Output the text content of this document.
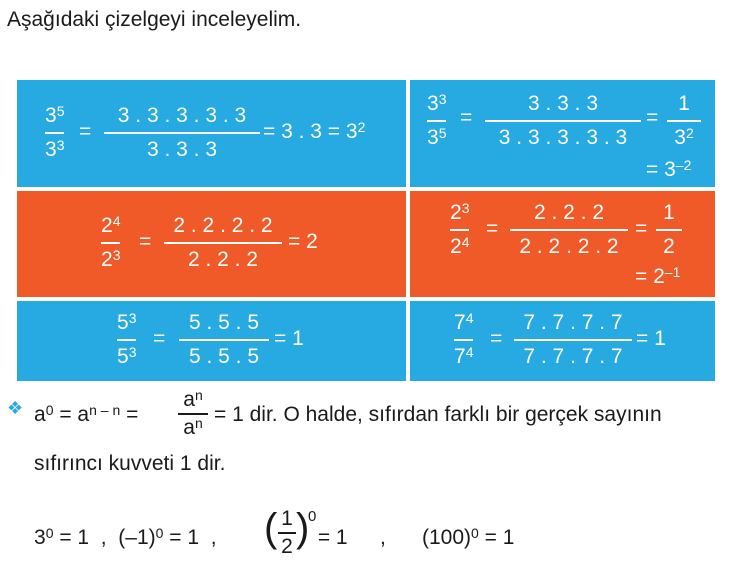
Aşağıdaki çizelgeyi inceleyelim.
$3^5$
$3^3$
=
3 . 3 . 3 . 3 . 3
3 . 3 . 3
= 3 . $3 = 3^2$
$3^3$
$3^5$
=
3 . 3 . 3
3 . 3 . 3 . 3 . 3
=
1
$3^2$
= $3^{-2}$
$2^4$
$2^3$
=
2 . 2 . 2 . 2
2 . 2 . 2
= 2
$2^3$
$2^4$
=
2 . 2 . 2
2 . 2 . 2 . 2
=
1
2
= $2^{-1}$
$5^3$
$5^3$
=
5 . 5 . 5
5 . 5 . 5
= 1
$7^4$
$7^4$
=
7 . 7 . 7 . 7
7 . 7 . 7 . 7
= 1
❖ $a^0 = a^{n - n}$ =
$a^n$
$a^n = 1$ dir. O halde, sıfırdan farklı bir gerçek sayının
sıfırıncı kuvveti 1 dir.
$3^0 = 1$  ,  $(-1)^0 = 1$  , ( 1
2 )
0
= 1 , $(100)^0 = 1$
